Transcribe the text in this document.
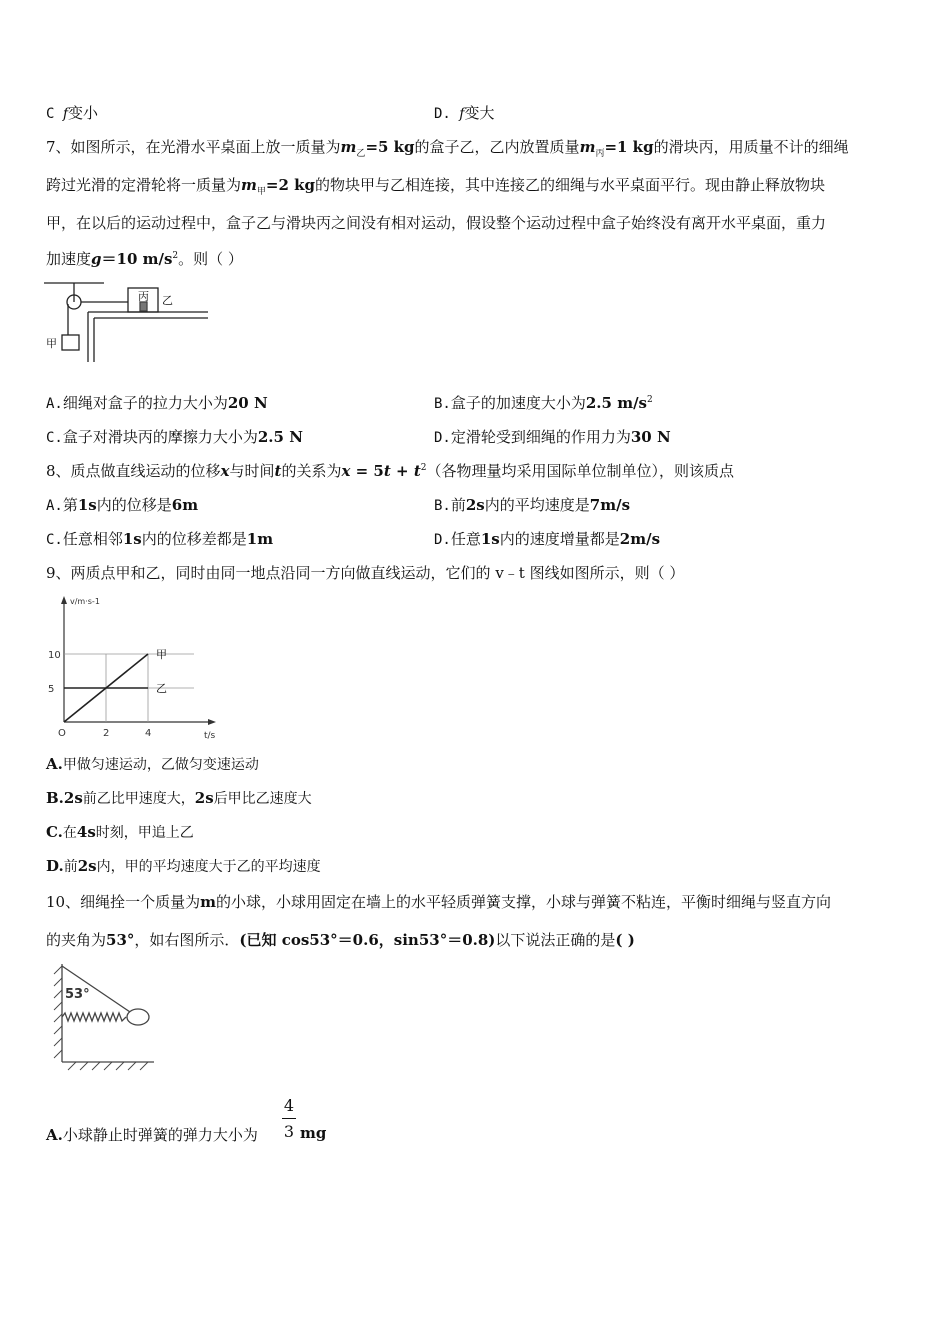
C f变小	D. f变大
7、如图所示，在光滑水平桌面上放一质量为$m_乙=5$ kg的盒子乙，乙内放置质量$m_丙=1$ kg的滑块丙，用质量不计的细绳
跨过光滑的定滑轮将一质量为$m_甲=2$ kg的物块甲与乙相连接，其中连接乙的细绳与水平桌面平行。现由静止释放物块
甲，在以后的运动过程中，盒子乙与滑块丙之间没有相对运动，假设整个运动过程中盒子始终没有离开水平桌面，重力
加速度g＝10 $m/s^2$。则（ ）
丙 乙
甲
A.细绳对盒子的拉力大小为20 N	B.盒子的加速度大小为2.5 $m/s^2$
C.盒子对滑块丙的摩擦力大小为2.5 N	D.定滑轮受到细绳的作用力为30 N
8、质点做直线运动的位移x与时间t的关系为$x = 5t + t^2$（各物理量均采用国际单位制单位），则该质点
A.第1s内的位移是6m	B.前2s内的平均速度是7m/s
C.任意相邻1s内的位移差都是1m	D.任意1s内的速度增量都是2m/s
9、两质点甲和乙，同时由同一地点沿同一方向做直线运动，它们的 v﹣t 图线如图所示，则（ ）
v/m·s-1
t/s
5
10
O	2	4
甲
乙
A.甲做匀速运动，乙做匀变速运动
B.2s前乙比甲速度大，2s后甲比乙速度大
C.在4s时刻，甲追上乙
D.前2s内，甲的平均速度大于乙的平均速度
10、细绳拴一个质量为m的小球，小球用固定在墙上的水平轻质弹簧支撑，小球与弹簧不粘连，平衡时细绳与竖直方向
的夹角为53°，如右图所示．(已知 cos53°＝0.6，sin53°＝0.8)以下说法正确的是( )
53°
A.小球静止时弹簧的弹力大小为
4
3 mg
